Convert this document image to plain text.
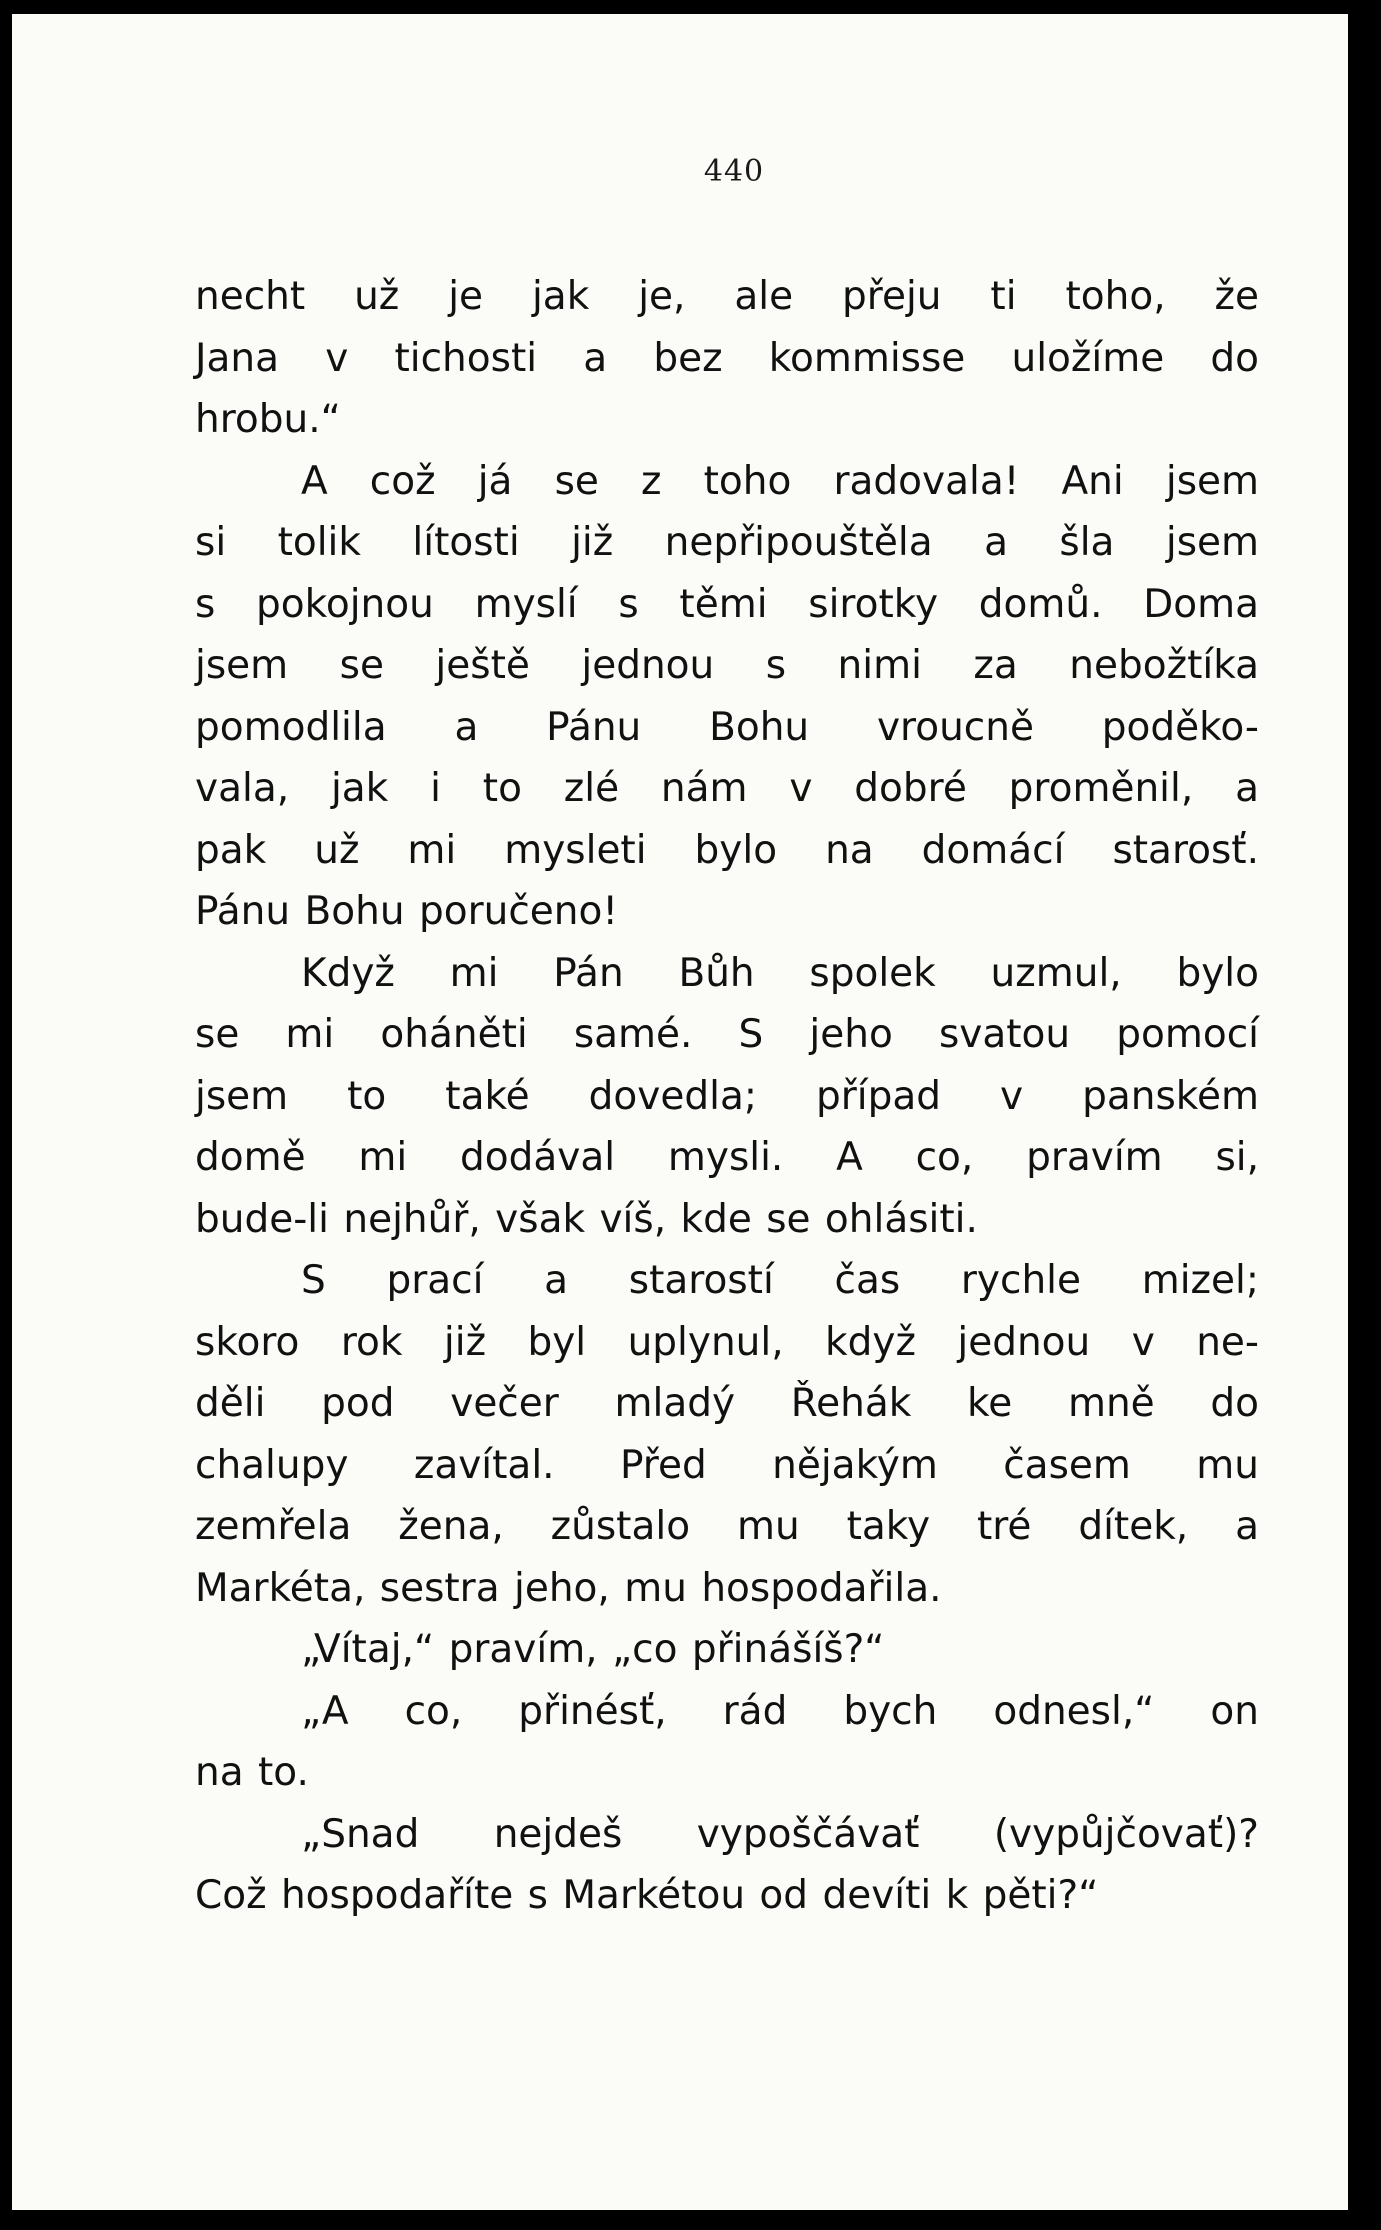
440
necht už je jak je, ale přeju ti toho, že
Jana v tichosti a bez kommisse uložíme do
hrobu.“
A což já se z toho radovala! Ani jsem
si tolik lítosti již nepřipouštěla a šla jsem
s pokojnou myslí s těmi sirotky domů. Doma
jsem se ještě jednou s nimi za nebožtíka
pomodlila a Pánu Bohu vroucně poděko-
vala, jak i to zlé nám v dobré proměnil, a
pak už mi mysleti bylo na domácí starosť.
Pánu Bohu poručeno!
Když mi Pán Bůh spolek uzmul, bylo
se mi oháněti samé. S jeho svatou pomocí
jsem to také dovedla; případ v panském
domě mi dodával mysli. A co, pravím si,
bude-li nejhůř, však víš, kde se ohlásiti.
S prací a starostí čas rychle mizel;
skoro rok již byl uplynul, když jednou v ne-
děli pod večer mladý Řehák ke mně do
chalupy zavítal. Před nějakým časem mu
zemřela žena, zůstalo mu taky tré dítek, a
Markéta, sestra jeho, mu hospodařila.
„Vítaj,“ pravím, „co přinášíš?“
„A co, přinésť, rád bych odnesl,“ on
na to.
„Snad nejdeš vypoščávať (vypůjčovať)?
Což hospodaříte s Markétou od devíti k pěti?“
